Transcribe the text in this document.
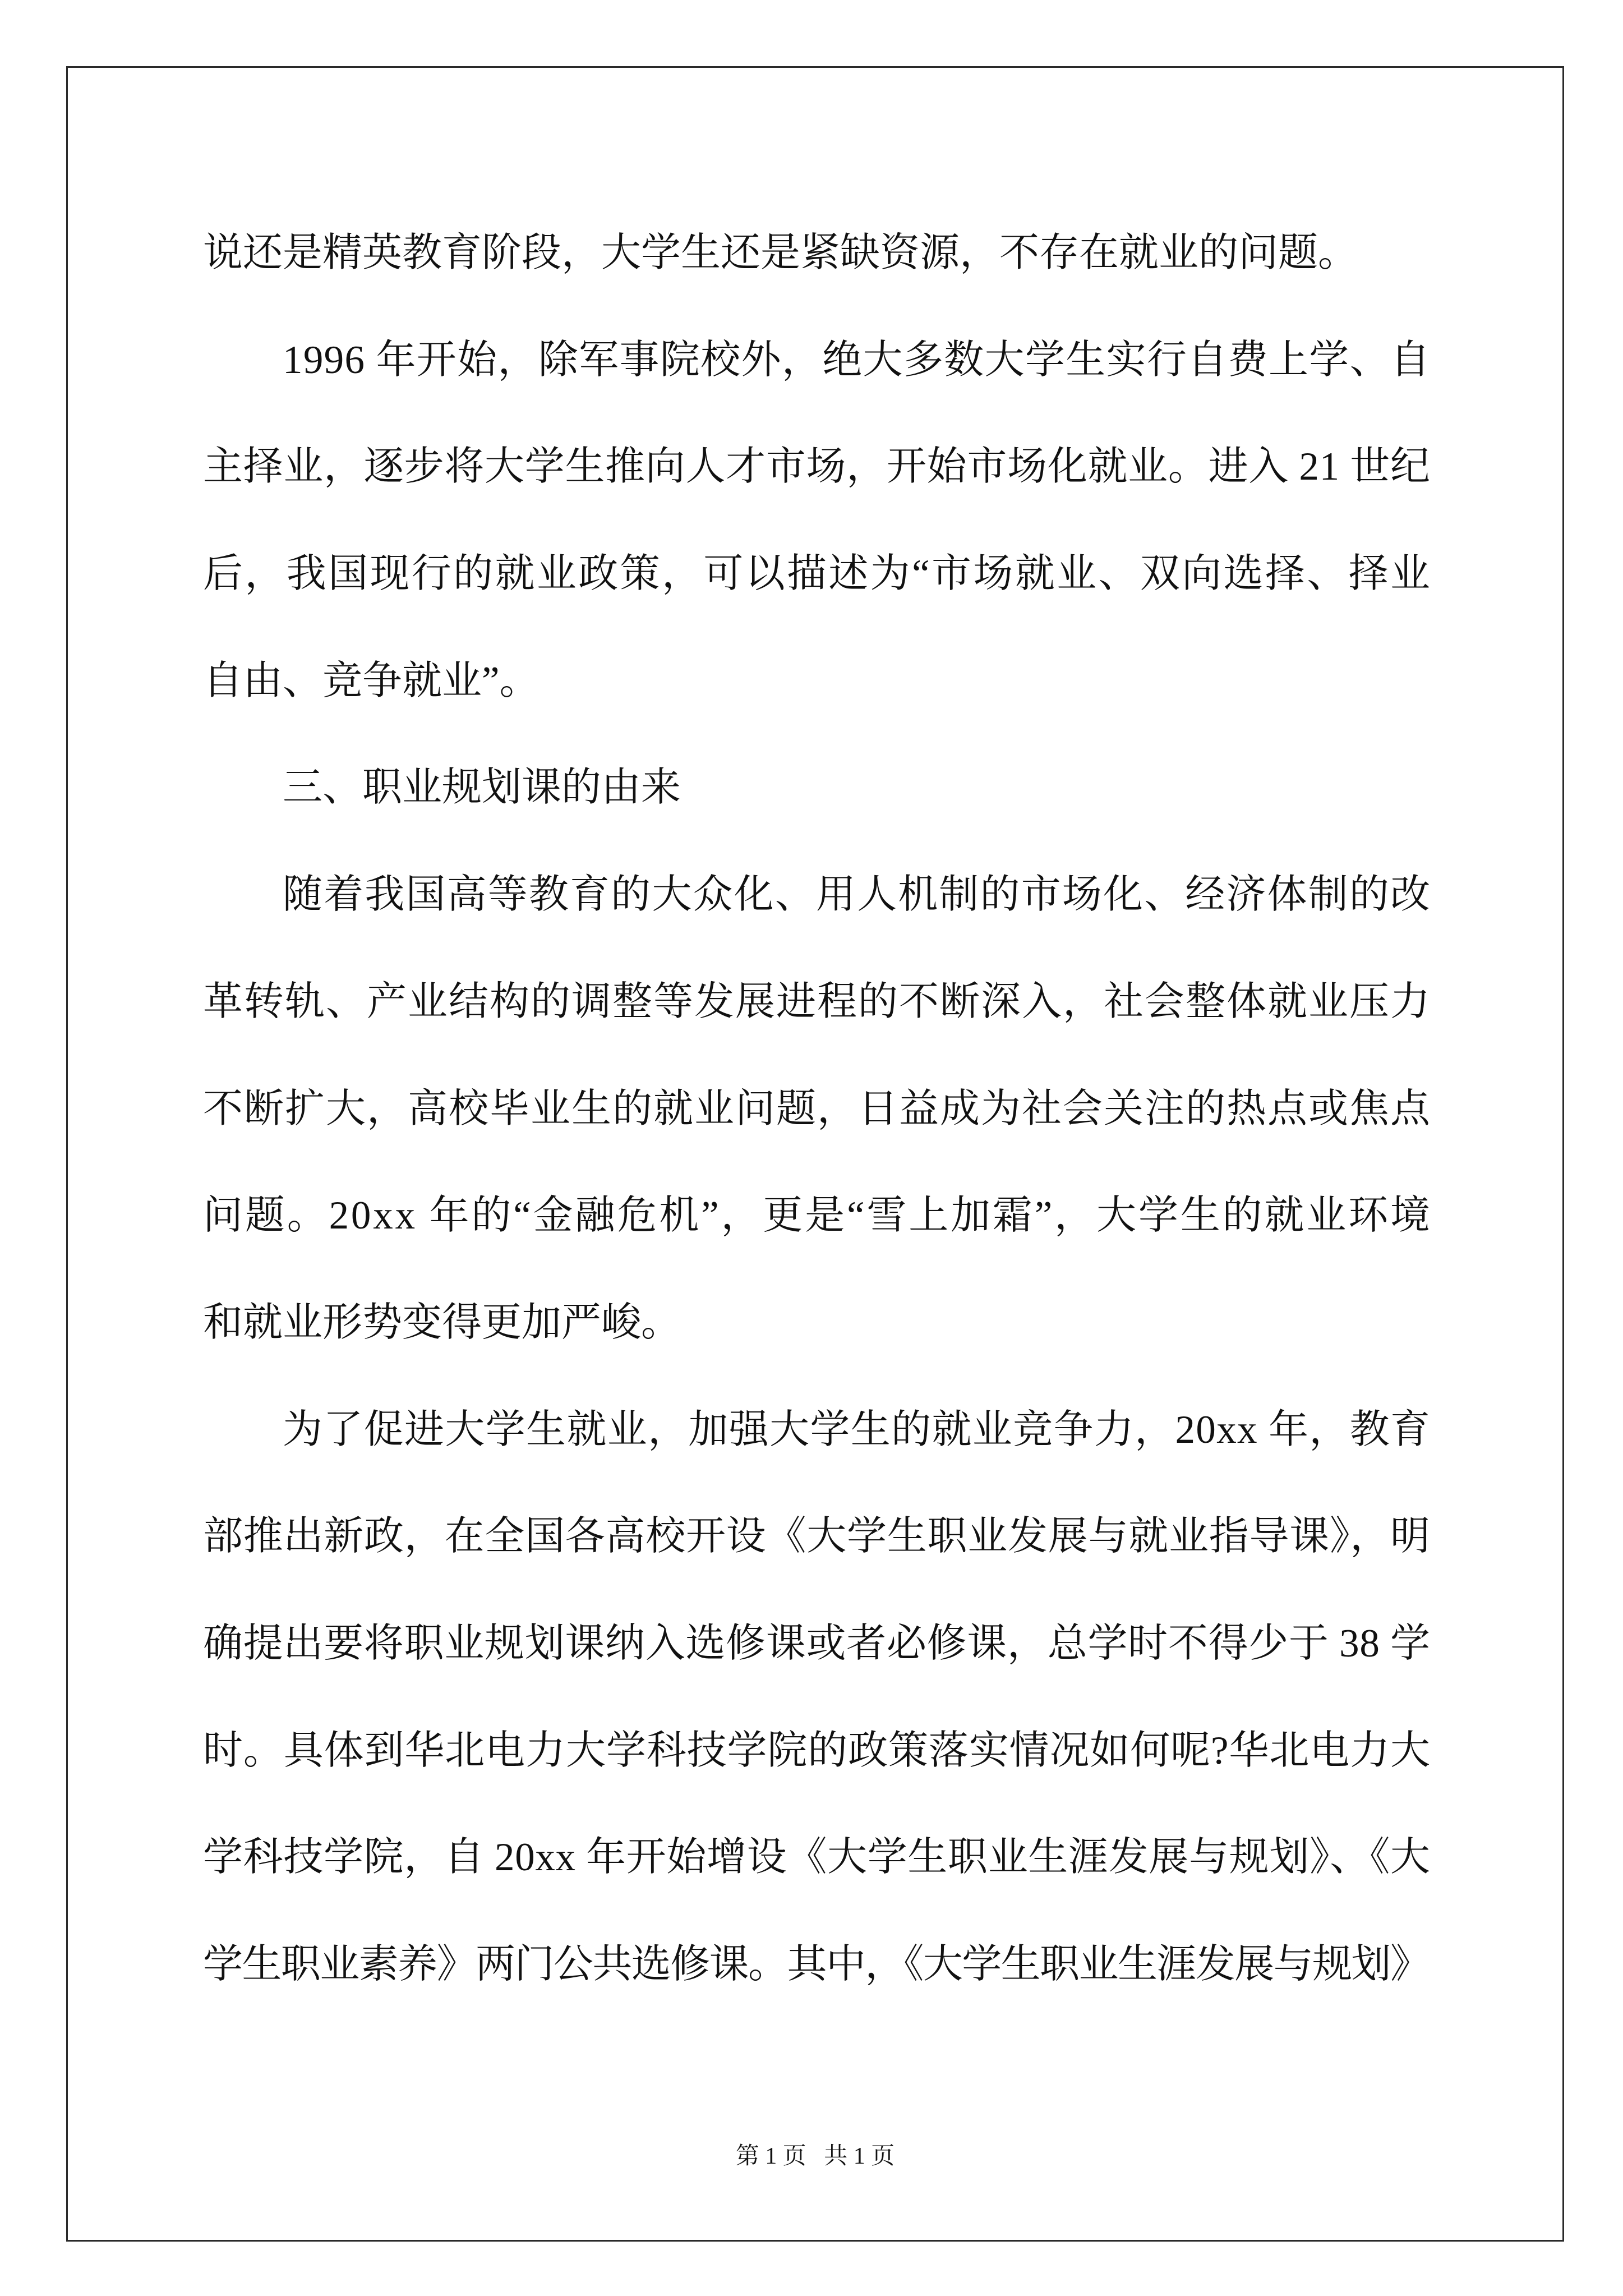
说还是精英教育阶段，大学生还是紧缺资源，不存在就业的问题。
1996 年开始，除军事院校外，绝大多数大学生实行自费上学、自
主择业，逐步将大学生推向人才市场，开始市场化就业。进入 21 世纪
后，我国现行的就业政策，可以描述为“市场就业、双向选择、择业
自由、竞争就业”。
三、职业规划课的由来
随着我国高等教育的大众化、用人机制的市场化、经济体制的改
革转轨、产业结构的调整等发展进程的不断深入，社会整体就业压力
不断扩大，高校毕业生的就业问题，日益成为社会关注的热点或焦点
问题。20xx 年的“金融危机”，更是“雪上加霜”，大学生的就业环境
和就业形势变得更加严峻。
为了促进大学生就业，加强大学生的就业竞争力，20xx 年，教育
部推出新政，在全国各高校开设《大学生职业发展与就业指导课》，明
确提出要将职业规划课纳入选修课或者必修课，总学时不得少于 38 学
时。具体到华北电力大学科技学院的政策落实情况如何呢?华北电力大
学科技学院，自 20xx 年开始增设《大学生职业生涯发展与规划》、《大
学生职业素养》两门公共选修课。其中，《大学生职业生涯发展与规划》
第 1 页   共 1 页
